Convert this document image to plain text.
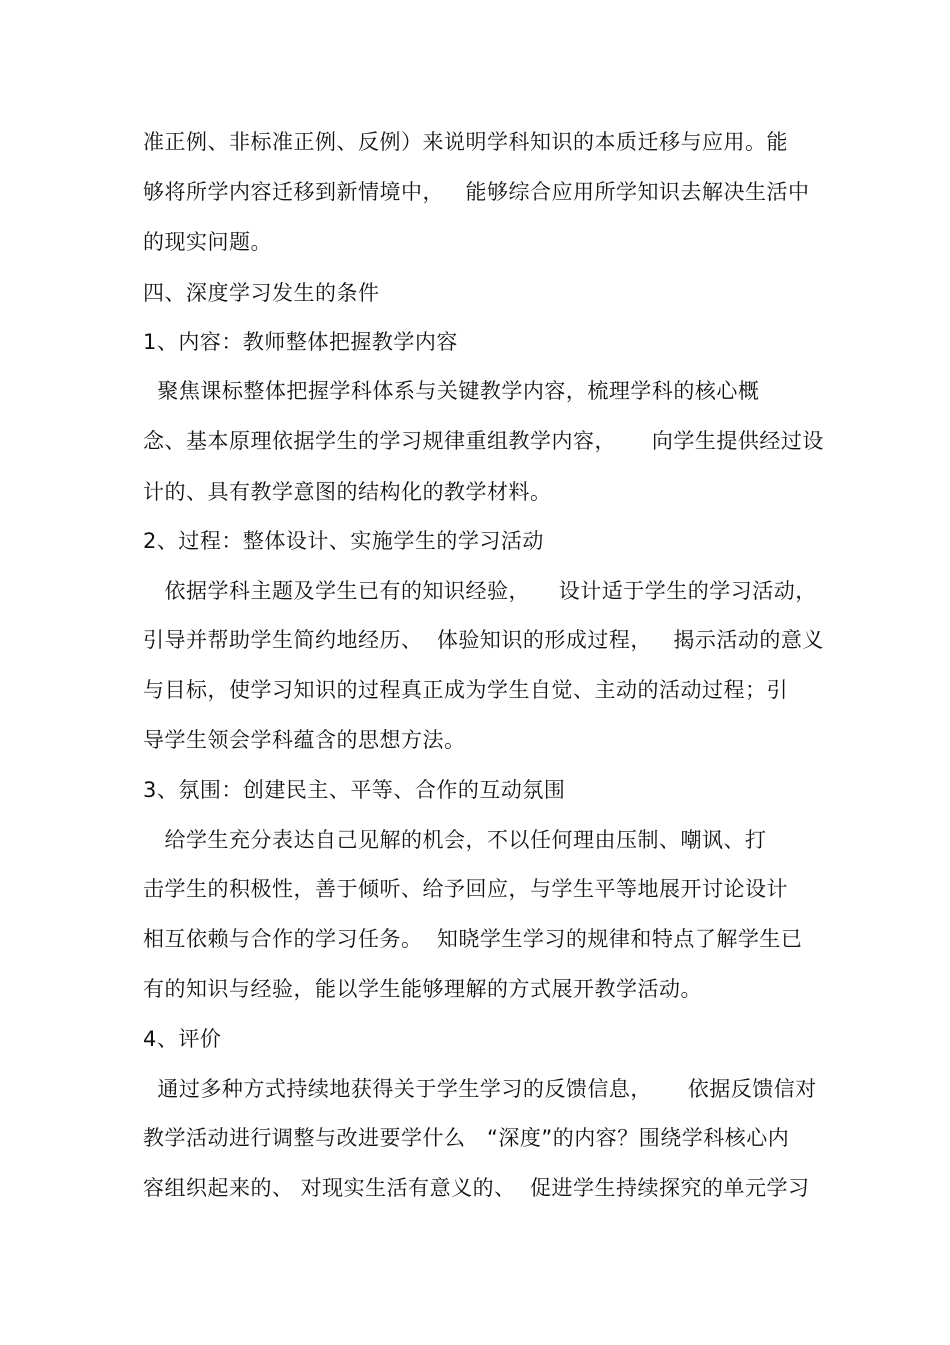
准正例、非标准正例、反例）来说明学科知识的本质迁移与应用。能
够将所学内容迁移到新情境中，   能够综合应用所学知识去解决生活中
的现实问题。
四、深度学习发生的条件
1、内容：教师整体把握教学内容
聚焦课标整体把握学科体系与关键教学内容，梳理学科的核心概
念、基本原理依据学生的学习规律重组教学内容，     向学生提供经过设
计的、具有教学意图的结构化的教学材料。
2、过程：整体设计、实施学生的学习活动
依据学科主题及学生已有的知识经验，    设计适于学生的学习活动，
引导并帮助学生简约地经历、  体验知识的形成过程，   揭示活动的意义
与目标，使学习知识的过程真正成为学生自觉、主动的活动过程；引
导学生领会学科蕴含的思想方法。
3、氛围：创建民主、平等、合作的互动氛围
给学生充分表达自己见解的机会，不以任何理由压制、嘲讽、打
击学生的积极性，善于倾听、给予回应，与学生平等地展开讨论设计
相互依赖与合作的学习任务。  知晓学生学习的规律和特点了解学生已
有的知识与经验，能以学生能够理解的方式展开教学活动。
4、评价
通过多种方式持续地获得关于学生学习的反馈信息，     依据反馈信对
教学活动进行调整与改进要学什么   “深度”的内容？围绕学科核心内
容组织起来的、 对现实生活有意义的、  促进学生持续探究的单元学习
